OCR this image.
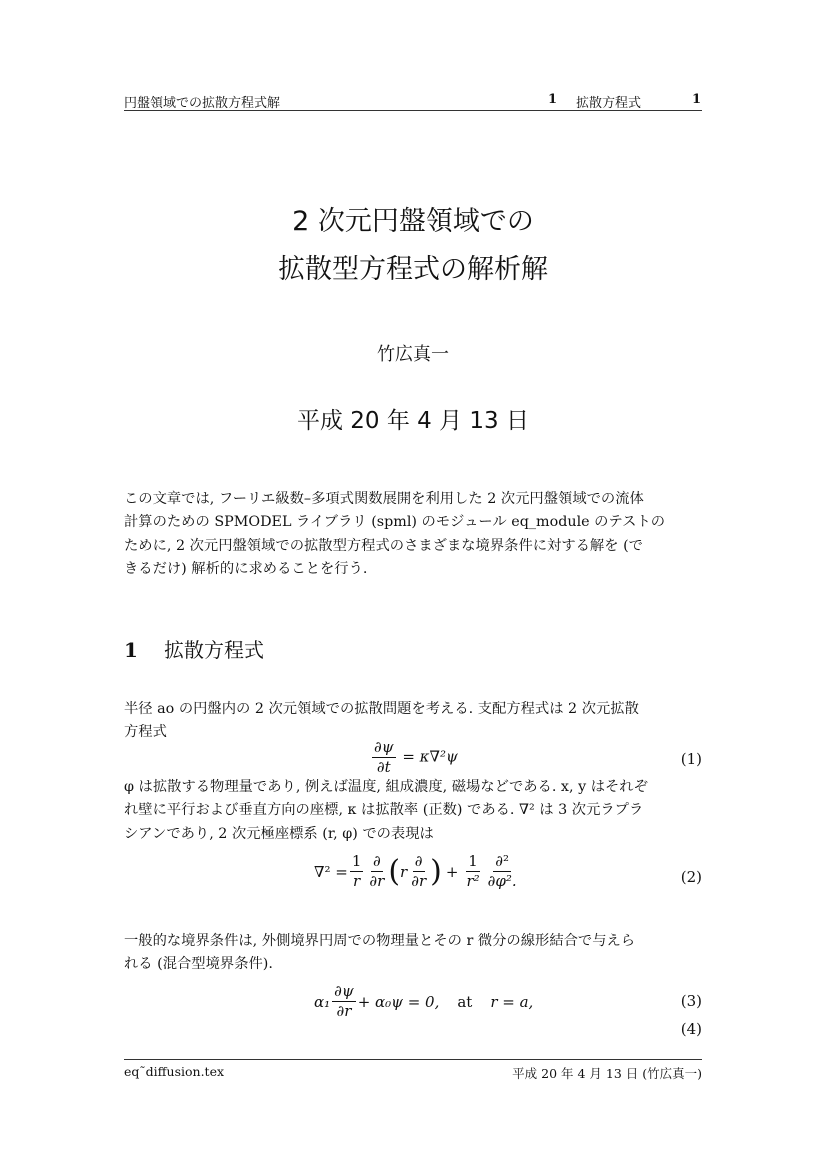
円盤領域での拡散方程式解	1 拡散方程式	1
2 次元円盤領域での
拡散型方程式の解析解
竹広真一
平成 20 年 4 月 13 日

この文章では, フーリエ級数–多項式関数展開を利用した 2 次元円盤領域での流体

計算のための SPMODEL ライブラリ (spml) のモジュール eq_module のテストの

ために, 2 次元円盤領域での拡散型方程式のさまざまな境界条件に対する解を (で

きるだけ) 解析的に求めることを行う.

1 拡散方程式

半径 ao の円盤内の 2 次元領域での拡散問題を考える. 支配方程式は 2 次元拡散

方程式

$\frac{\partial\psi}{\partial t} = \kappa\nabla^2\psi$	(1)

φ は拡散する物理量であり, 例えば温度, 組成濃度, 磁場などである. x, y はそれぞ

れ壁に平行および垂直方向の座標, κ は拡散率 (正数) である. ∇² は 3 次元ラプラ

シアンであり, 2 次元極座標系 (r, φ) での表現は

$\nabla^2 = \frac{1}{r} \frac{\partial}{\partial r}$ ( r $\frac{\partial}{\partial r}$ ) + $\frac{1}{\text{r²}} \frac{\text{∂²}}{\text{∂φ².}}$	(2)

一般的な境界条件は, 外側境界円周での物理量とその r 微分の線形結合で与えら

れる (混合型境界条件).

$\alpha_1 \frac{\partial\psi}{\partial r} + \alpha_0\psi = 0$, at r = a,	(3)
(4)
eq˜diffusion.tex	平成 20 年 4 月 13 日 (竹広真一)
